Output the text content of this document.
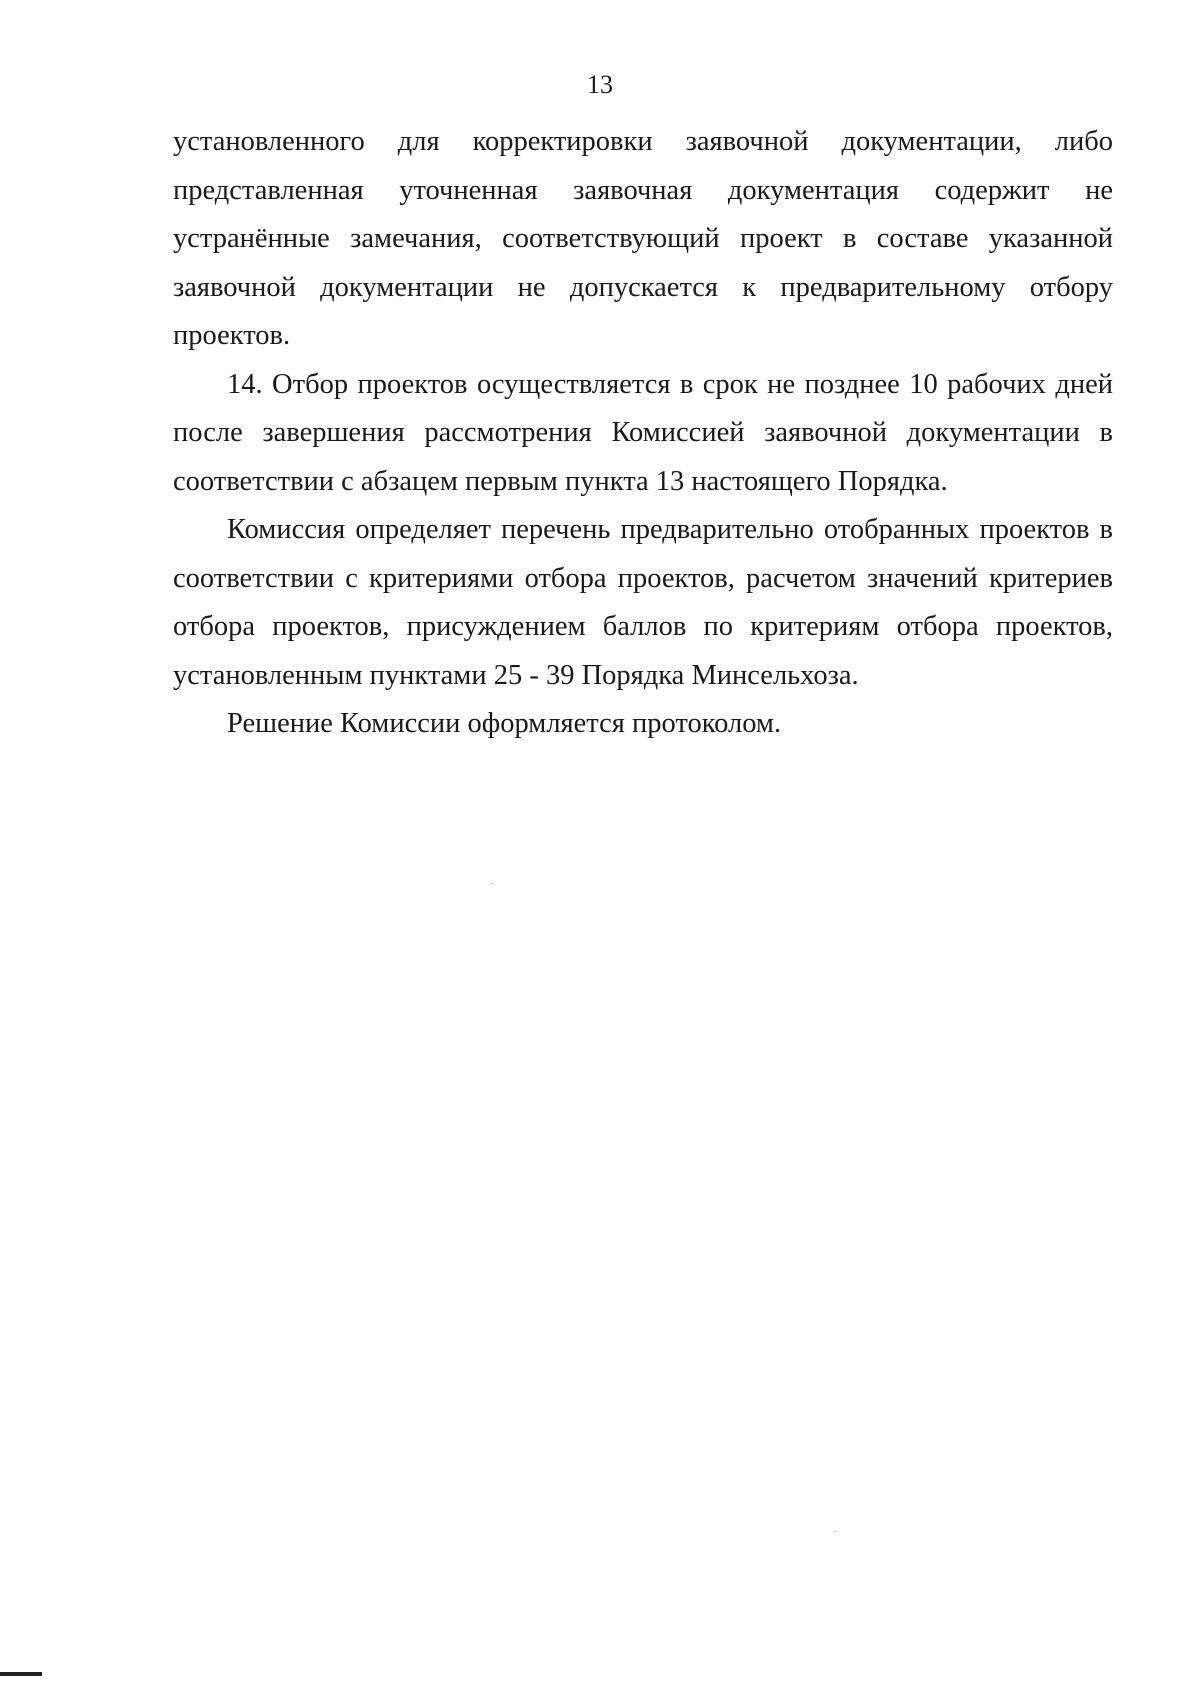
13

установленного для корректировки заявочной документации, либо представленная уточненная заявочная документация содержит не устранённые замечания, соответствующий проект в составе указанной заявочной документации не допускается к предварительному отбору проектов.

14. Отбор проектов осуществляется в срок не позднее 10 рабочих дней после завершения рассмотрения Комиссией заявочной документации в соответствии с абзацем первым пункта 13 настоящего Порядка.

Комиссия определяет перечень предварительно отобранных проектов в соответствии с критериями отбора проектов, расчетом значений критериев отбора проектов, присуждением баллов по критериям отбора проектов, установленным пунктами 25 - 39 Порядка Минсельхоза.

Решение Комиссии оформляется протоколом.
